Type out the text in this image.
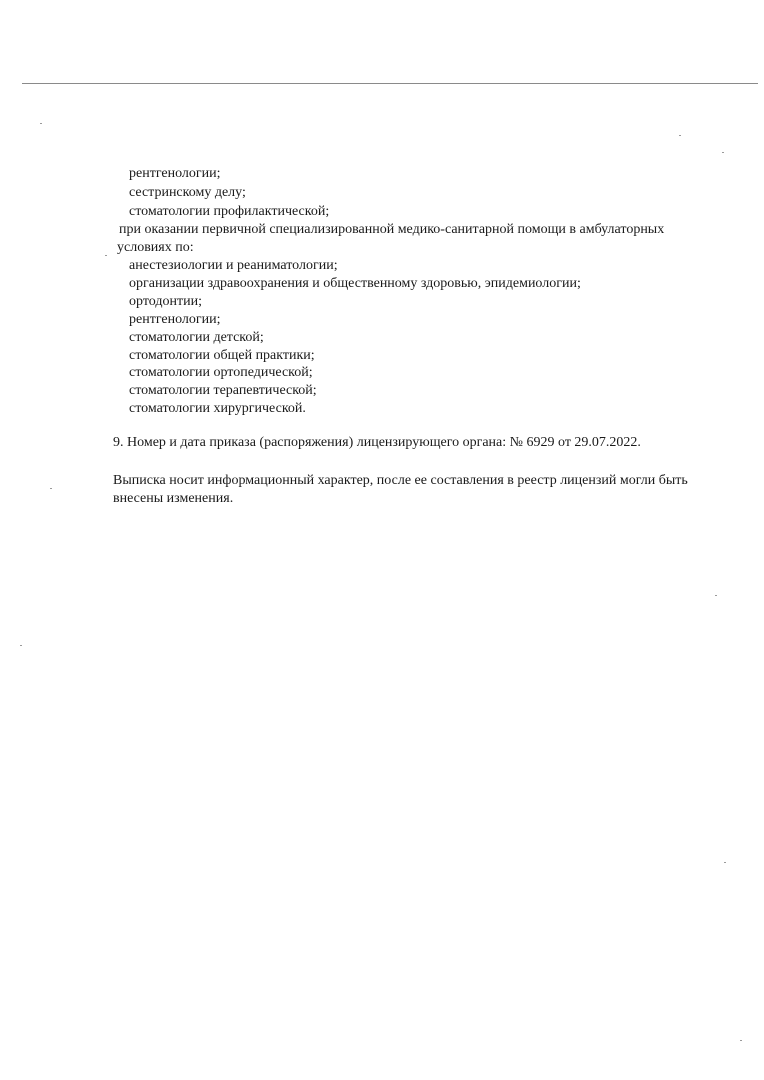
рентгенологии;
сестринскому делу;
стоматологии профилактической;
при оказании первичной специализированной медико-санитарной помощи в амбулаторных
условиях по:
анестезиологии и реаниматологии;
организации здравоохранения и общественному здоровью, эпидемиологии;
ортодонтии;
рентгенологии;
стоматологии детской;
стоматологии общей практики;
стоматологии ортопедической;
стоматологии терапевтической;
стоматологии хирургической.
9. Номер и дата приказа (распоряжения) лицензирующего органа: № 6929 от 29.07.2022.
Выписка носит информационный характер, после ее составления в реестр лицензий могли быть
внесены изменения.
